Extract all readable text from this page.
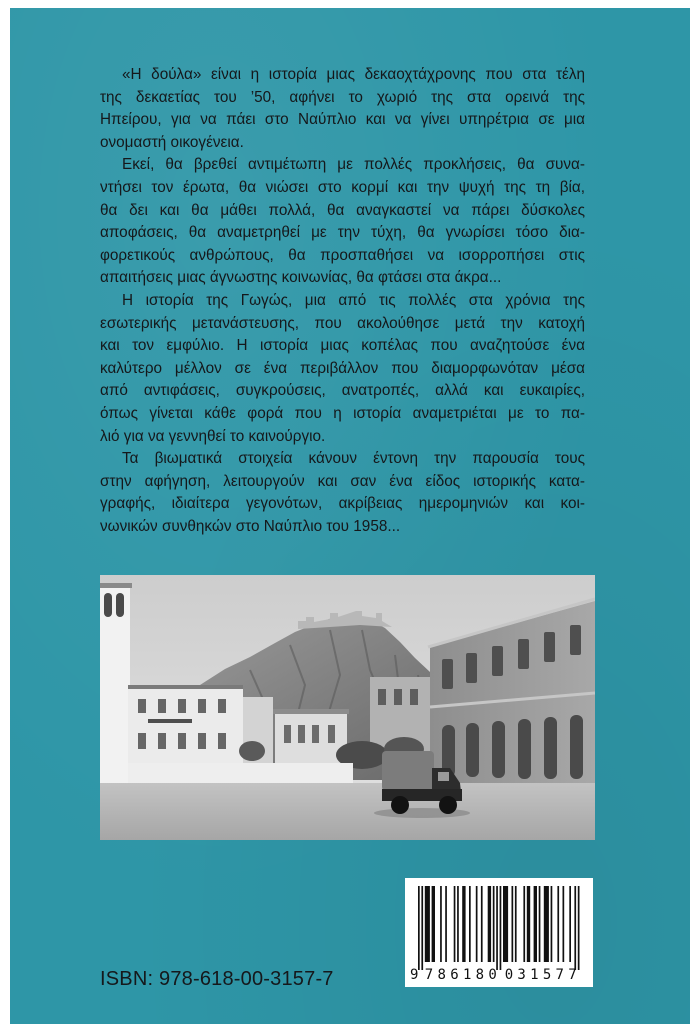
«Η δούλα» είναι η ιστορία μιας δεκαοχτάχρονης που στα τέλη
της δεκαετίας του ’50, αφήνει το χωριό της στα ορεινά της
Ηπείρου, για να πάει στο Ναύπλιο και να γίνει υπηρέτρια σε μια
ονομαστή οικογένεια.
Εκεί, θα βρεθεί αντιμέτωπη με πολλές προκλήσεις, θα συνα-
ντήσει τον έρωτα, θα νιώσει στο κορμί και την ψυχή της τη βία,
θα δει και θα μάθει πολλά, θα αναγκαστεί να πάρει δύσκολες
αποφάσεις, θα αναμετρηθεί με την τύχη, θα γνωρίσει τόσο δια-
φορετικούς ανθρώπους, θα προσπαθήσει να ισορροπήσει στις
απαιτήσεις μιας άγνωστης κοινωνίας, θα φτάσει στα άκρα...
Η ιστορία της Γωγώς, μια από τις πολλές στα χρόνια της
εσωτερικής μετανάστευσης, που ακολούθησε μετά την κατοχή
και τον εμφύλιο. Η ιστορία μιας κοπέλας που αναζητούσε ένα
καλύτερο μέλλον σε ένα περιβάλλον που διαμορφωνόταν μέσα
από αντιφάσεις, συγκρούσεις, ανατροπές, αλλά και ευκαιρίες,
όπως γίνεται κάθε φορά που η ιστορία αναμετριέται με το πα-
λιό για να γεννηθεί το καινούργιο.
Τα βιωματικά στοιχεία κάνουν έντονη την παρουσία τους
στην αφήγηση, λειτουργούν και σαν ένα είδος ιστορικής κατα-
γραφής, ιδιαίτερα γεγονότων, ακρίβειας ημερομηνιών και κοι-
νωνικών συνθηκών στο Ναύπλιο του 1958...
ISBN: 978-618-00-3157-7	9 786180 031577
